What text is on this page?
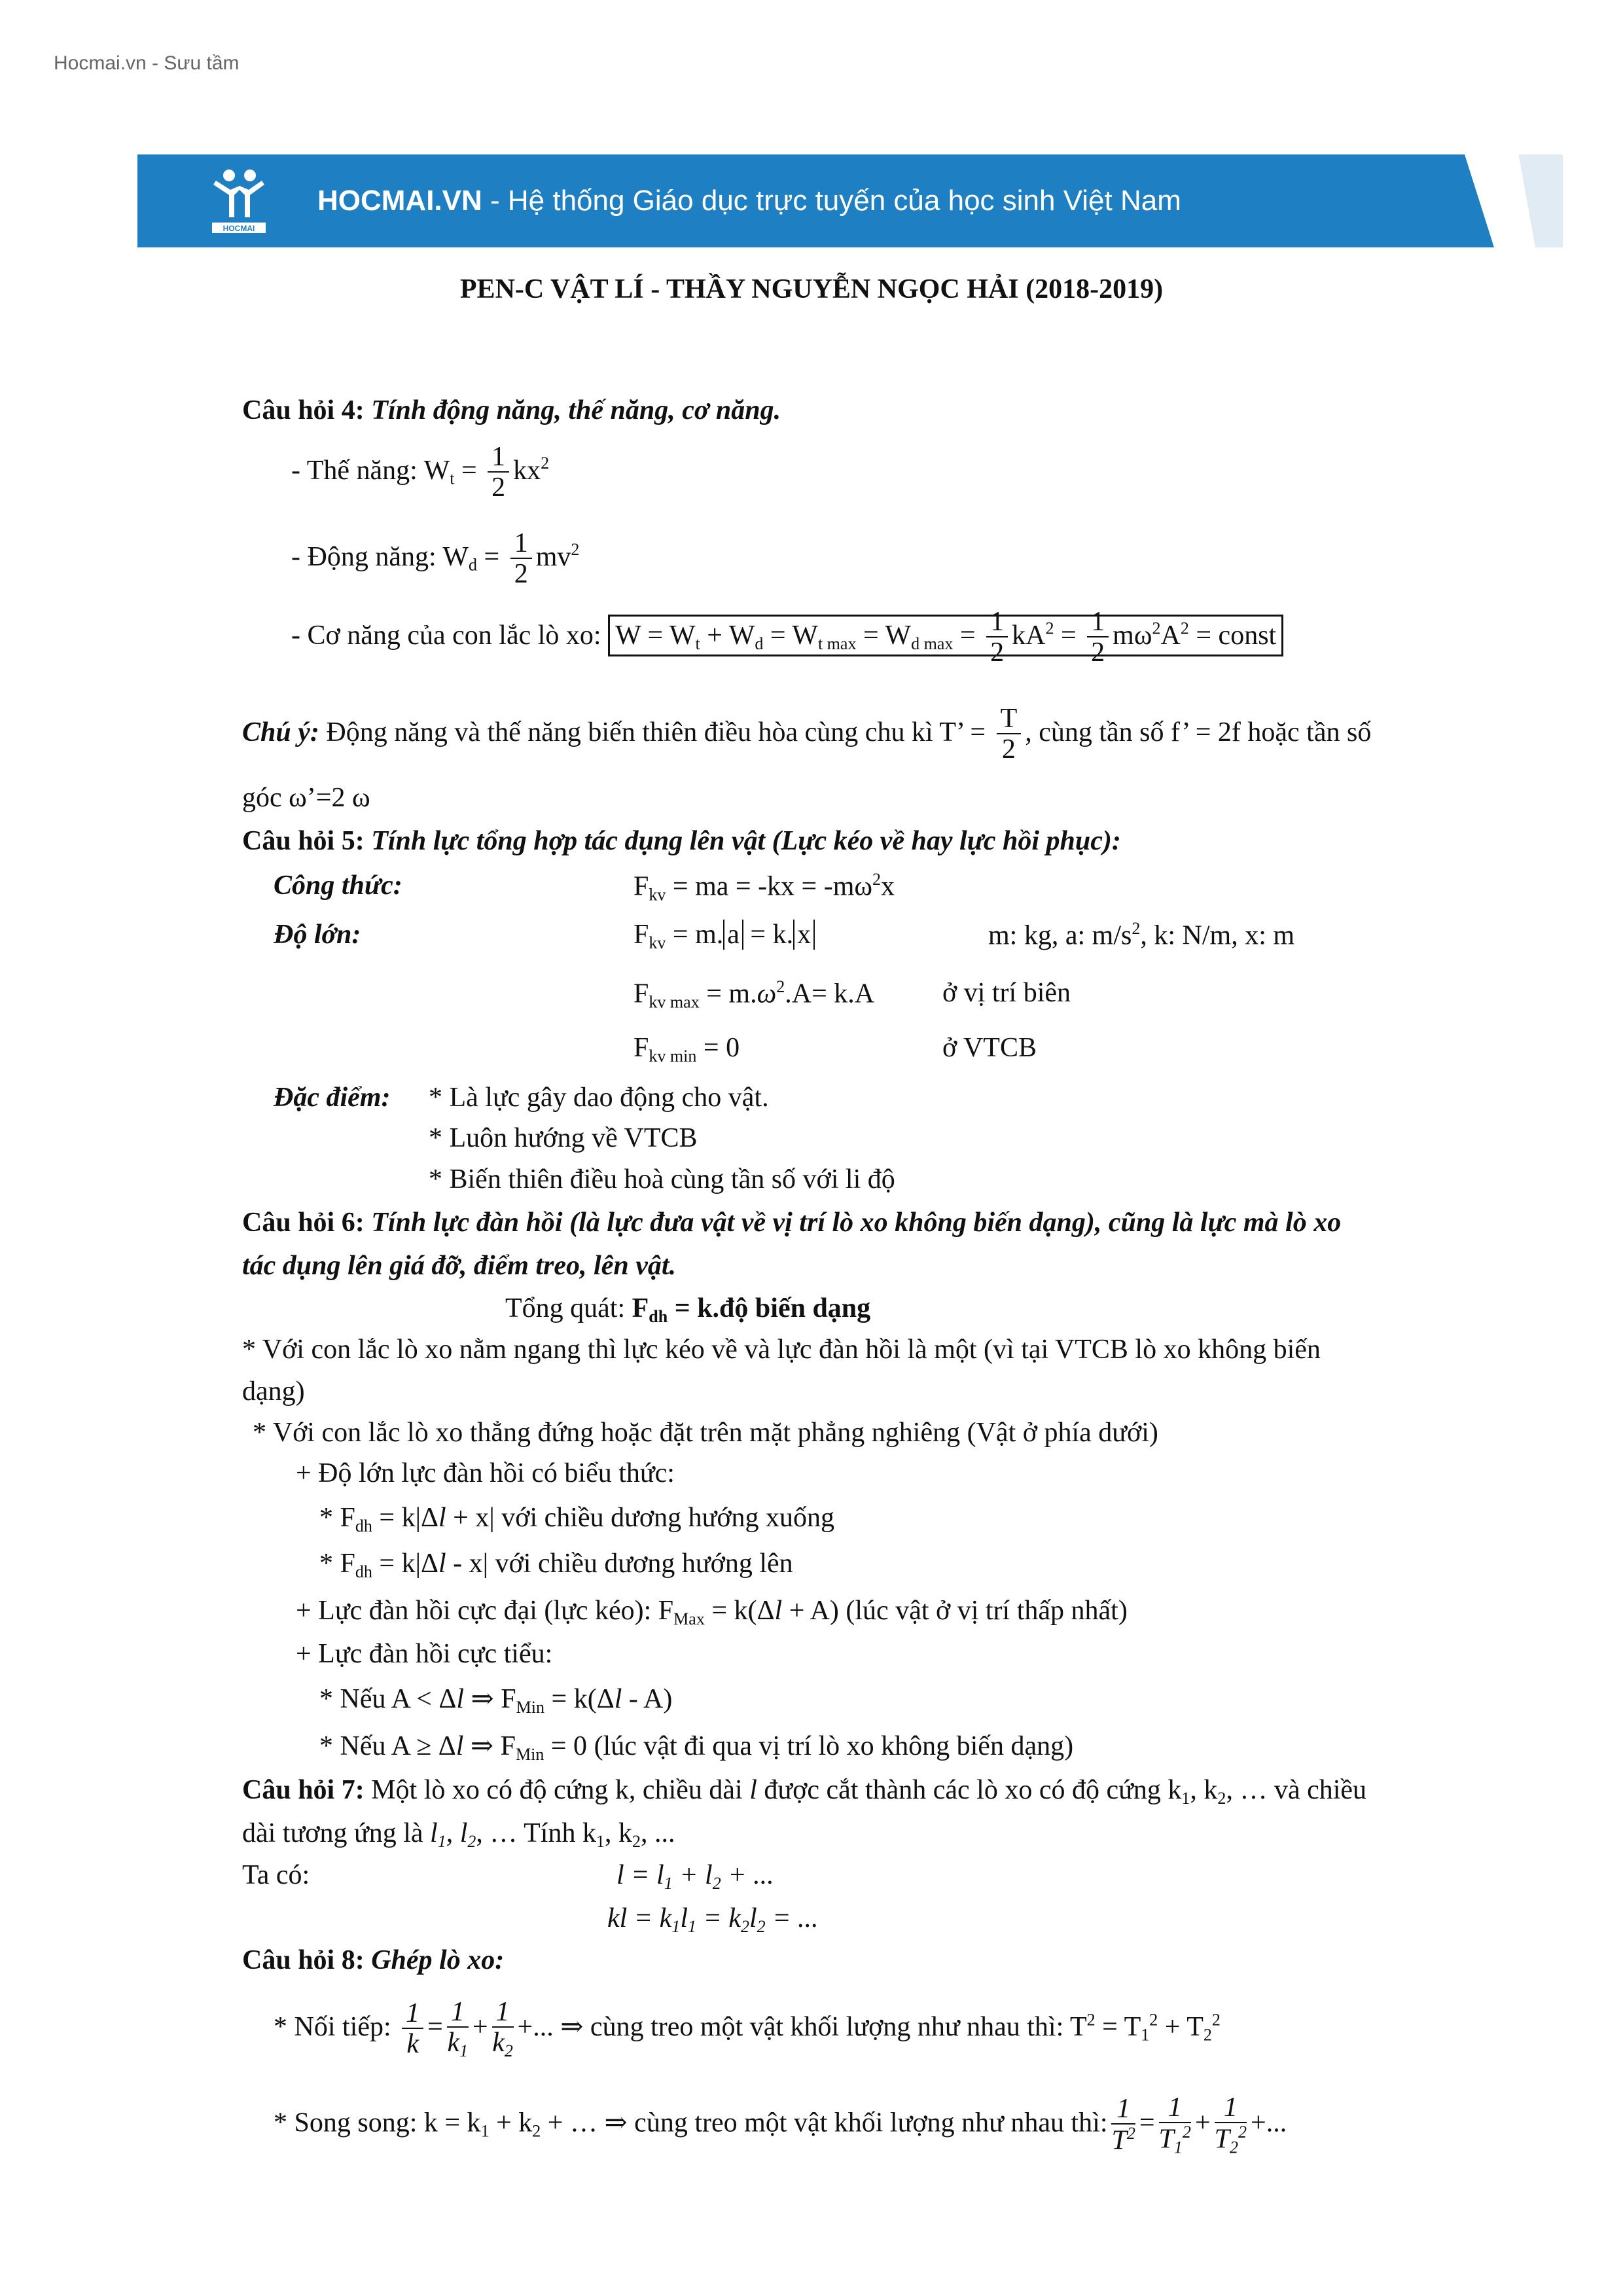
Hocmai.vn - Sưu tầm
HOCMAI
HOCMAI.VN - Hệ thống Giáo dục trực tuyến của học sinh Việt Nam
PEN-C VẬT LÍ - THẦY NGUYỄN NGỌC HẢI (2018-2019)
Câu hỏi 4: Tính động năng, thế năng, cơ năng.
- Thế năng: $W_t = \frac{1}{2} kx^2$
- Động năng: $W_d = \frac{1}{2} mv^2$
- Cơ năng của con lắc lò xo: $W = W_t + W_d = W_{t max} = W_{d max} = \frac{1}{2} kA^2 = \frac{1}{2} m\omega^2A^2$ = const
Chú ý: Động năng và thế năng biến thiên điều hòa cùng chu kì T’ = $\frac{T}{2}$ , cùng tần số f’ = 2f hoặc tần số
góc ω’=2 ω
Câu hỏi 5: Tính lực tổng hợp tác dụng lên vật (Lực kéo về hay lực hồi phục):
Công thức:	$F_{kv}$ = ma = $-kx = -m\omega^2x$
Độ lớn:	$F_{kv} = m$. a = k. x	m: kg, a: $m/s^2$, k: N/m, x: m
$F_{kv max} = m.\omega^2.A= k.A$ ở vị trí biên
$F_{kv min} = 0$	ở VTCB
Đặc điểm: * Là lực gây dao động cho vật.
* Luôn hướng về VTCB
* Biến thiên điều hoà cùng tần số với li độ
Câu hỏi 6: Tính lực đàn hồi (là lực đưa vật về vị trí lò xo không biến dạng), cũng là lực mà lò xo
tác dụng lên giá đỡ, điểm treo, lên vật.
Tổng quát: $F_{dh}$ = k.độ biến dạng
* Với con lắc lò xo nằm ngang thì lực kéo về và lực đàn hồi là một (vì tại VTCB lò xo không biến
dạng)
* Với con lắc lò xo thẳng đứng hoặc đặt trên mặt phẳng nghiêng (Vật ở phía dưới)
+ Độ lớn lực đàn hồi có biểu thức:
* $F_{dh} = k|\Delta l + x|$ với chiều dương hướng xuống
* $F_{dh} = k|\Delta l - x|$ với chiều dương hướng lên
+ Lực đàn hồi cực đại (lực kéo): $F_{Max} = k(\Delta l + A)$ (lúc vật ở vị trí thấp nhất)
+ Lực đàn hồi cực tiểu:
* Nếu A < Δl ⇒ $F_{Min} = k(\Delta l - A)$
* Nếu A ≥ Δl ⇒ $F_{Min} = 0$ (lúc vật đi qua vị trí lò xo không biến dạng)
Câu hỏi 7: Một lò xo có độ cứng k, chiều dài l được cắt thành các lò xo có độ cứng $k_1$, $k_2$, … và chiều
dài tương ứng là $l_1$, $l_2$, … Tính $k_1$, $k_2$, ...
Ta có:	$l = l_1 + l_2$ + ...
kl = $k_1l_1 = k_2l_2$ = ...
Câu hỏi 8: Ghép lò xo:
* Nối tiếp: $\frac{1}{k} = \frac{1}{k_1} + \frac{1}{k_2}$ +... ⇒ cùng treo một vật khối lượng như nhau thì: $T^2 = T_1^2 + T_2^2$
* Song song: $k = k_1 + k_2$ + … ⇒ cùng treo một vật khối lượng như nhau thì: $\frac{1}{T^2} = \frac{1}{T_1^2} + \frac{1}{T_2^2}$ +...
